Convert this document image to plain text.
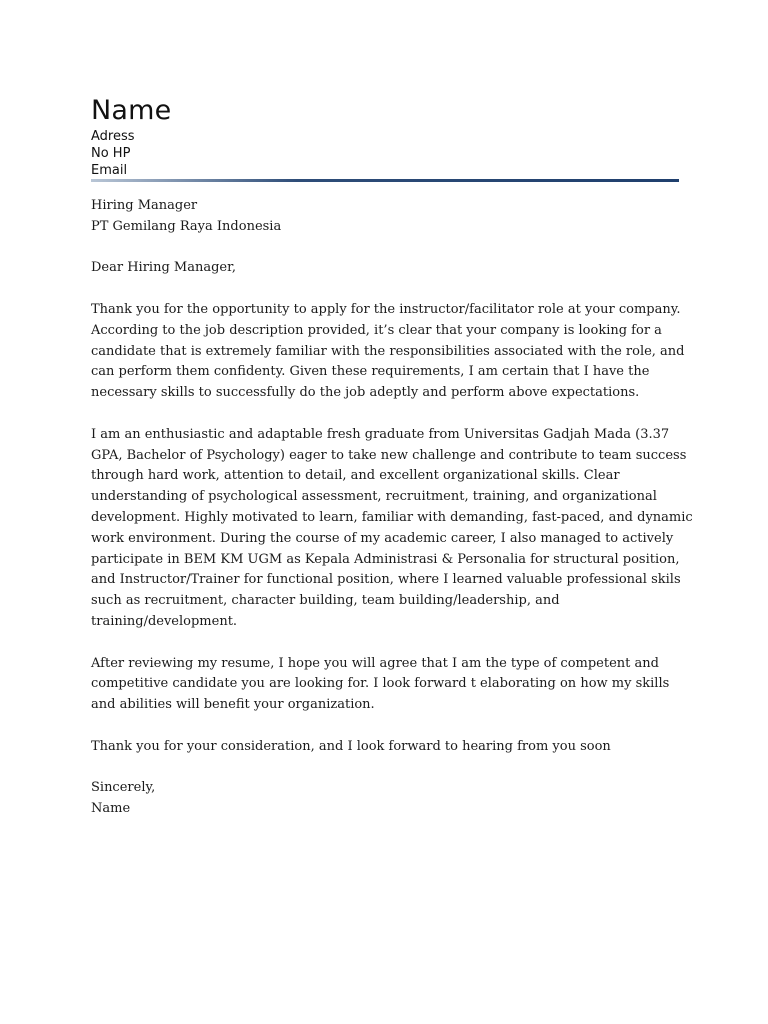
Name
Adress
No HP
Email
Hiring Manager
PT Gemilang Raya Indonesia
Dear Hiring Manager,
Thank you for the opportunity to apply for the instructor/facilitator role at your company.
According to the job description provided, it’s clear that your company is looking for a
candidate that is extremely familiar with the responsibilities associated with the role, and
can perform them confidenty. Given these requirements, I am certain that I have the
necessary skills to successfully do the job adeptly and perform above expectations.
I am an enthusiastic and adaptable fresh graduate from Universitas Gadjah Mada (3.37
GPA, Bachelor of Psychology) eager to take new challenge and contribute to team success
through hard work, attention to detail, and excellent organizational skills. Clear
understanding of psychological assessment, recruitment, training, and organizational
development. Highly motivated to learn, familiar with demanding, fast-paced, and dynamic
work environment. During the course of my academic career, I also managed to actively
participate in BEM KM UGM as Kepala Administrasi & Personalia for structural position,
and Instructor/Trainer for functional position, where I learned valuable professional skils
such as recruitment, character building, team building/leadership, and
training/development.
After reviewing my resume, I hope you will agree that I am the type of competent and
competitive candidate you are looking for. I look forward t elaborating on how my skills
and abilities will benefit your organization.
Thank you for your consideration, and I look forward to hearing from you soon
Sincerely,
Name
